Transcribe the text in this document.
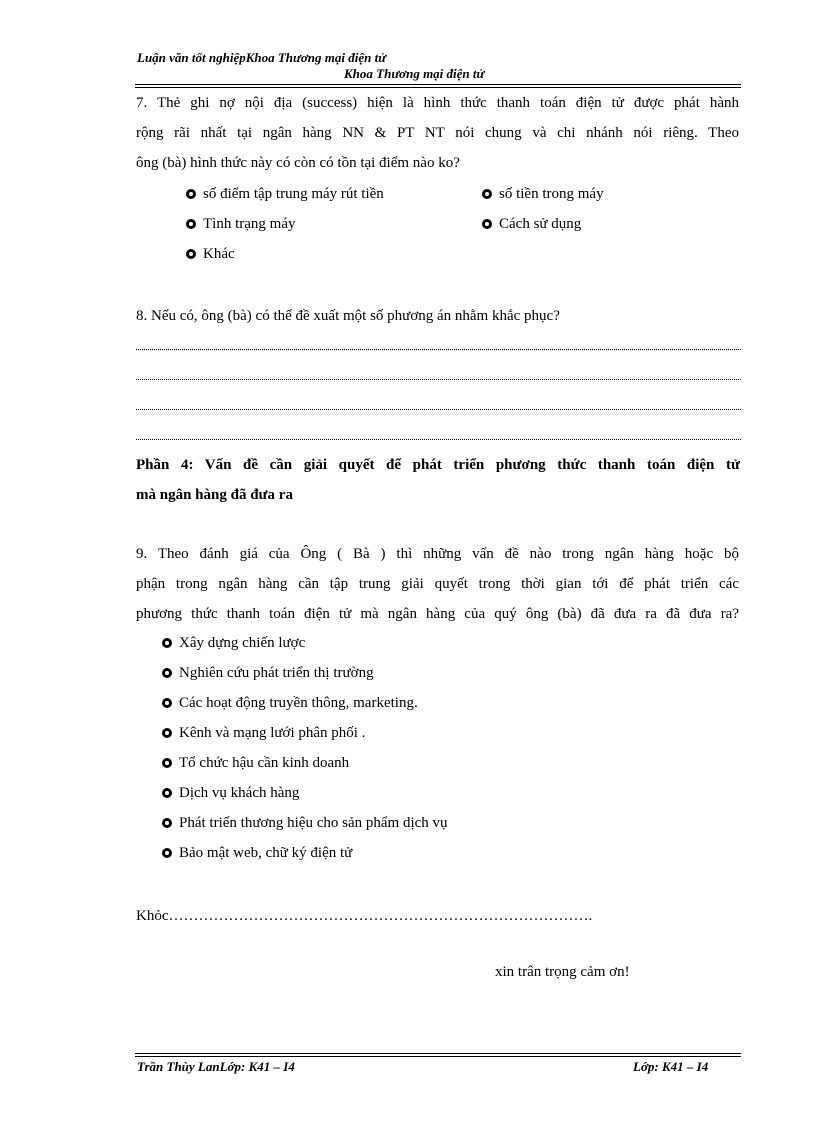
Luận văn tốt nghiệpKhoa Thương mại điện tử
Khoa Thương mại điện tử
7. Thẻ ghi nợ nội địa (success) hiện là hình thức thanh toán điện tử được phát hành
rộng rãi nhất tại ngân hàng NN & PT NT nói chung và chi nhánh nói riêng. Theo
ông (bà) hình thức này có còn có tồn tại điểm nào ko?
số điểm tập trung máy rút tiền	số tiền trong máy
Tình trạng máy	Cách sử dụng
Khác
8. Nếu có, ông (bà) có thể đề xuất một số phương án nhằm khắc phục?
Phần 4: Vấn đề cần giải quyết để phát triển phương thức thanh toán điện tử
mà ngân hàng đã đưa ra
9. Theo đánh giá của Ông ( Bà ) thì những vấn đề nào trong ngân hàng hoặc bộ
phận trong ngân hàng cần tập trung giải quyết trong thời gian tới để phát triển các
phương thức thanh toán điện tử mà ngân hàng của quý ông (bà) đã đưa ra đã đưa ra?
Xây dựng chiến lược
Nghiên cứu phát triển thị trường
Các hoạt động truyền thông, marketing.
Kênh và mạng lưới phân phối .
Tổ chức hậu cần kinh doanh
Dịch vụ khách hàng
Phát triển thương hiệu cho sản phẩm dịch vụ
Bảo mật web, chữ ký điện tử
Khỏc………………………………………………………………………….
xin trân trọng cảm ơn!
Trần Thùy LanLớp: K41 – I4	Lớp: K41 – I4
